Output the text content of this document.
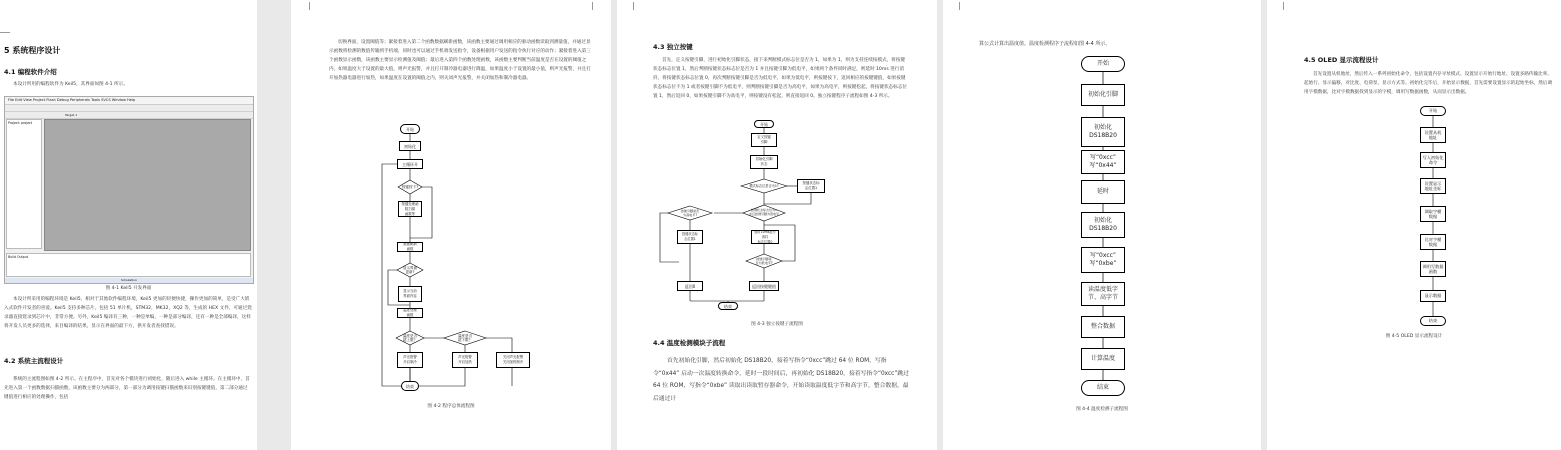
5 系统程序设计
4.1 编程软件介绍

本设计所用的编程软件为 Keil5，其界面如图 4-1 所示。

File Edit View Project Flash Debug Peripherals Tools SVCS Window Help
Target 1
Project: project
Build Output
Simulation

图 4-1 Keil5 开发界面

本设计所采用的编程环境是 Keil5，相对于其他软件编程环境，Keil5 更加的轻便快捷，操作更加的简单，是受广大嵌入式软件开发者的喜爱。Keil5 支持多种芯片，包括 51 单片机，STM32，MK32，XQ2 等，生成的 HEX 文件，可通过烧录器直接烧录到芯片中，非常方便。另外，Keil5 编译有三种，一种是单编，一种是部分编译，还有一种是全部编译，这样将开发人员更多的选择，来目编译的结果，显示在界面的最下方，供开发者查找错误。

4.2 系统主流程设计

系统的主流程图如图 4-2 所示。在主程序中，首先对各个模块进行初始化，随后进入 while 主循环。在主循环中，首先进入第一个函数数据扫描函数，该函数主要分为两部分，第一部分为调用按键扫描函数来识别按键键值，第二部分通过键值进行相应的处理操作，包括

切换界面，设置阈值等；紧接着进入第二个函数数据刷新函数，该函数主要通过调用相应的驱动函数读取到测量值，并通过显示函数将检测的数值传输到手机端，同时也可以通过手机端发送指令，设备根据用户发送的指令执行对应的动作；紧接着进入第三个函数显示函数，该函数主要显示检测值及阈值；最后进入第四个函数处理函数，该函数主要判断当前温度是否在设置的阈值之内，如果温度大于设置的最大值，则声光报警，并且打开制冷器电器进行降温，如果温度小于设置的最小值，则声光报警，并且打开加热器电器进行加热，如果温度在设置的阈值之内，则关闭声光报警，并关闭加热和制冷器电器。

开始
初始化
主循环开
按键按下?
按键处理函
数扫描
函数等
数据刷新
函数
显示界面
更新?
显示当前
界面内容
温度处理
函数
温度是否
超上限？
温度是否
超下限？
声光报警
开启制冷
声光报警
开启加热
关闭声光报警
关闭加热制冷
结束

图 4-2 程序总体流程图

4.3 独立按键

首先，定义按键引脚，进行初始化引脚状态，接下来判断模式标志位是否为 1，如果为 1，则为支持连续按模式，将按键状态标志位置 1，然后判断按键状态标志位是否为 1 并且按键引脚为低电平，如果两个条件同时满足，则延时 10ms 进行消抖，将按键状态标志位置 0，再次判断按键引脚是否为低电平，如果为低电平，则按键按下，返回相应的按键键值，如果按键状态标志位不为 1 或者按键引脚不为低电平，则判断按键引脚是否为高电平，如果为高电平，则按键松起，将按键状态标志位置 1，然后返回 0，如果按键引脚不为高电平，则按键没有松起，则直接返回 0。独立按键程序子流程如图 4-3 所示。

开始
定义按键
引脚
初始化引脚
状态
模式标志位是否为1?
按键状态标
志位置1
按键状态标志位为1
并且按键引脚为低电平
按键引脚是否
为高电平?
延时10ms进行
消抖
标志位置0
按键状态标
志位置1
按键引脚是
否为低电平?
返回0	返回按键键值
结束

图 4-3 独立按键子流程图

4.4 温度检测模块子流程

首先初始化引脚，然后初始化 DS18B20，接着写指令“0xcc”跳过 64 位 ROM，写指令“0x44” 启动一次温度转换命令，延时一段时间后，再初始化 DS18B20，接着写指令“0xcc”跳过 64 位 ROM，写指令“0xbe” 读取出读取暂存器命令，开始读取温度低字节和高字节，整合数据，最后通过计

算公式计算出温度值。温度检测程序子流程如图 4-4 所示。

开始
初始化引脚
初始化
DS18B20
写“0xcc”
写“0x44”
延时
初始化
DS18B20
写“0xcc”
写“0xbe”
读温度低字
节、高字节
整合数据
计算温度
结束

图 4-4 温度检测子流程图

4.5 OLED 显示流程设计

首先设置从机地址，然后传入一系列初始化命令，包括设置内存寻址模式、设置显示开始行地址、设置多路传输比率、起始行、显示偏移、对比度、电荷泵、显示方式等。初始化完毕后，开始显示数据，首先需要设置显示的起始坐标，然后调用字模数据，比对字模数据找到显示的字模，调用写数据函数，从而显示出数据。

开始
设置从机
地址
写入初始化
命令
设置显示
地址坐标
调取字模
数据
比对字模
数据
调用写数据
函数
显示数据
结束

图 4-5 OLED 显示流程设计
